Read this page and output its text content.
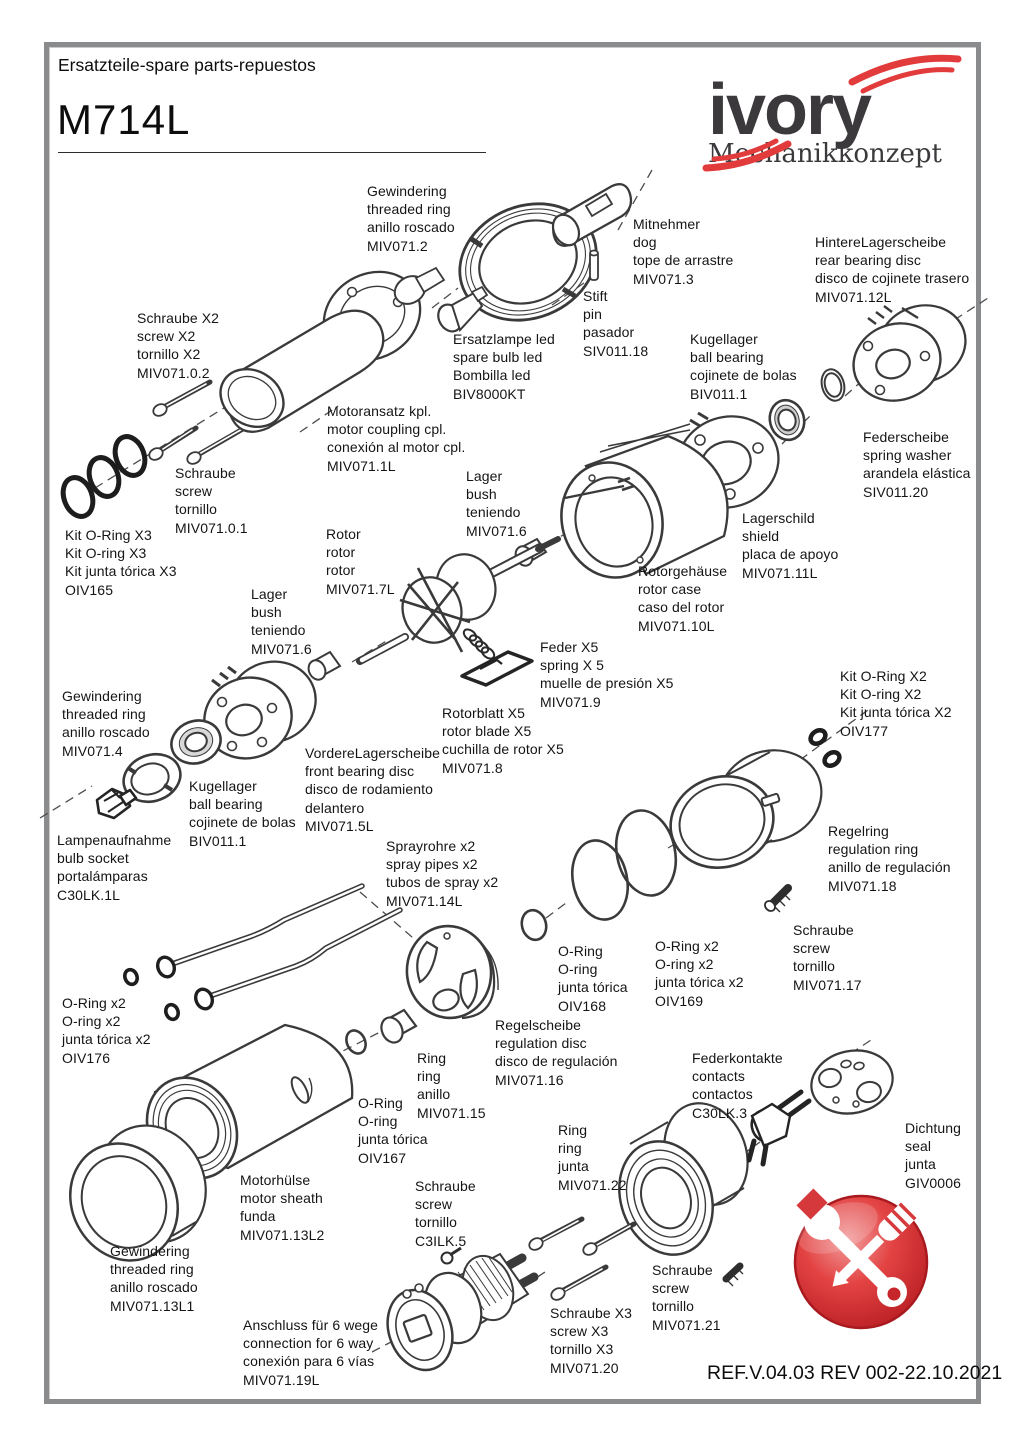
Ersatzteile-spare parts-repuestos
M714L	ivory
Mechanikkonzept
Gewindering
threaded ring
anillo roscado
MIV071.2
Mitnehmer
dog
tope de arrastre
MIV071.3
HintereLagerscheibe
rear bearing disc
disco de cojinete trasero
MIV071.12L
Stift
pin
pasador
SIV011.18
Schraube X2
screw X2
tornillo X2
MIV071.0.2
Ersatzlampe led
spare bulb led
Bombilla led
BIV8000KT
Kugellager
ball bearing
cojinete de bolas
BIV011.1
Motoransatz kpl.
motor coupling cpl.
conexión al motor cpl.
MIV071.1L
Federscheibe
spring washer
arandela elástica
SIV011.20
Schraube
screw
tornillo
MIV071.0.1
Lager
bush
teniendo
MIV071.6
Lagerschild
shield
placa de apoyo
MIV071.11L
Kit O-Ring X3
Kit O-ring X3
Kit junta tórica X3
OIV165
Rotor
rotor
rotor
MIV071.7L
Rotorgehäuse
rotor case
caso del rotor
MIV071.10L
Lager
bush
teniendo
MIV071.6	Feder X5
spring X 5
muelle de presión X5
MIV071.9
Kit O-Ring X2
Kit O-ring X2
Kit junta tórica X2
OIV177
Gewindering
threaded ring
anillo roscado
MIV071.4
Rotorblatt X5
rotor blade X5
cuchilla de rotor X5
MIV071.8
VordereLagerscheibe
front bearing disc
disco de rodamiento
delantero
MIV071.5L
Kugellager
ball bearing
cojinete de bolas
BIV011.1
Regelring
regulation ring
anillo de regulación
MIV071.18
Lampenaufnahme
bulb socket
portalámparas
C30LK.1L
Sprayrohre x2
spray pipes x2
tubos de spray x2
MIV071.14L
Schraube
screw
tornillo
MIV071.17
O-Ring
O-ring
junta tórica
OIV168
O-Ring x2
O-ring x2
junta tórica x2
OIV169
O-Ring x2
O-ring x2
junta tórica x2
OIV176
Regelscheibe
regulation disc
disco de regulación
MIV071.16
Ring
ring
anillo
MIV071.15
Federkontakte
contacts
contactos
C30LK.3
O-Ring
O-ring
junta tórica
OIV167
Ring
ring
junta
MIV071.22
Dichtung
seal
junta
GIV0006
Motorhülse
motor sheath
funda
MIV071.13L2
Schraube
screw
tornillo
C3ILK.5
Gewindering
threaded ring
anillo roscado
MIV071.13L1
Schraube
screw
tornillo
MIV071.21
Anschluss für 6 wege
connection for 6 way
conexión para 6 vías
MIV071.19L
Schraube X3
screw X3
tornillo X3
MIV071.20	REF.V.04.03 REV 002-22.10.2021
